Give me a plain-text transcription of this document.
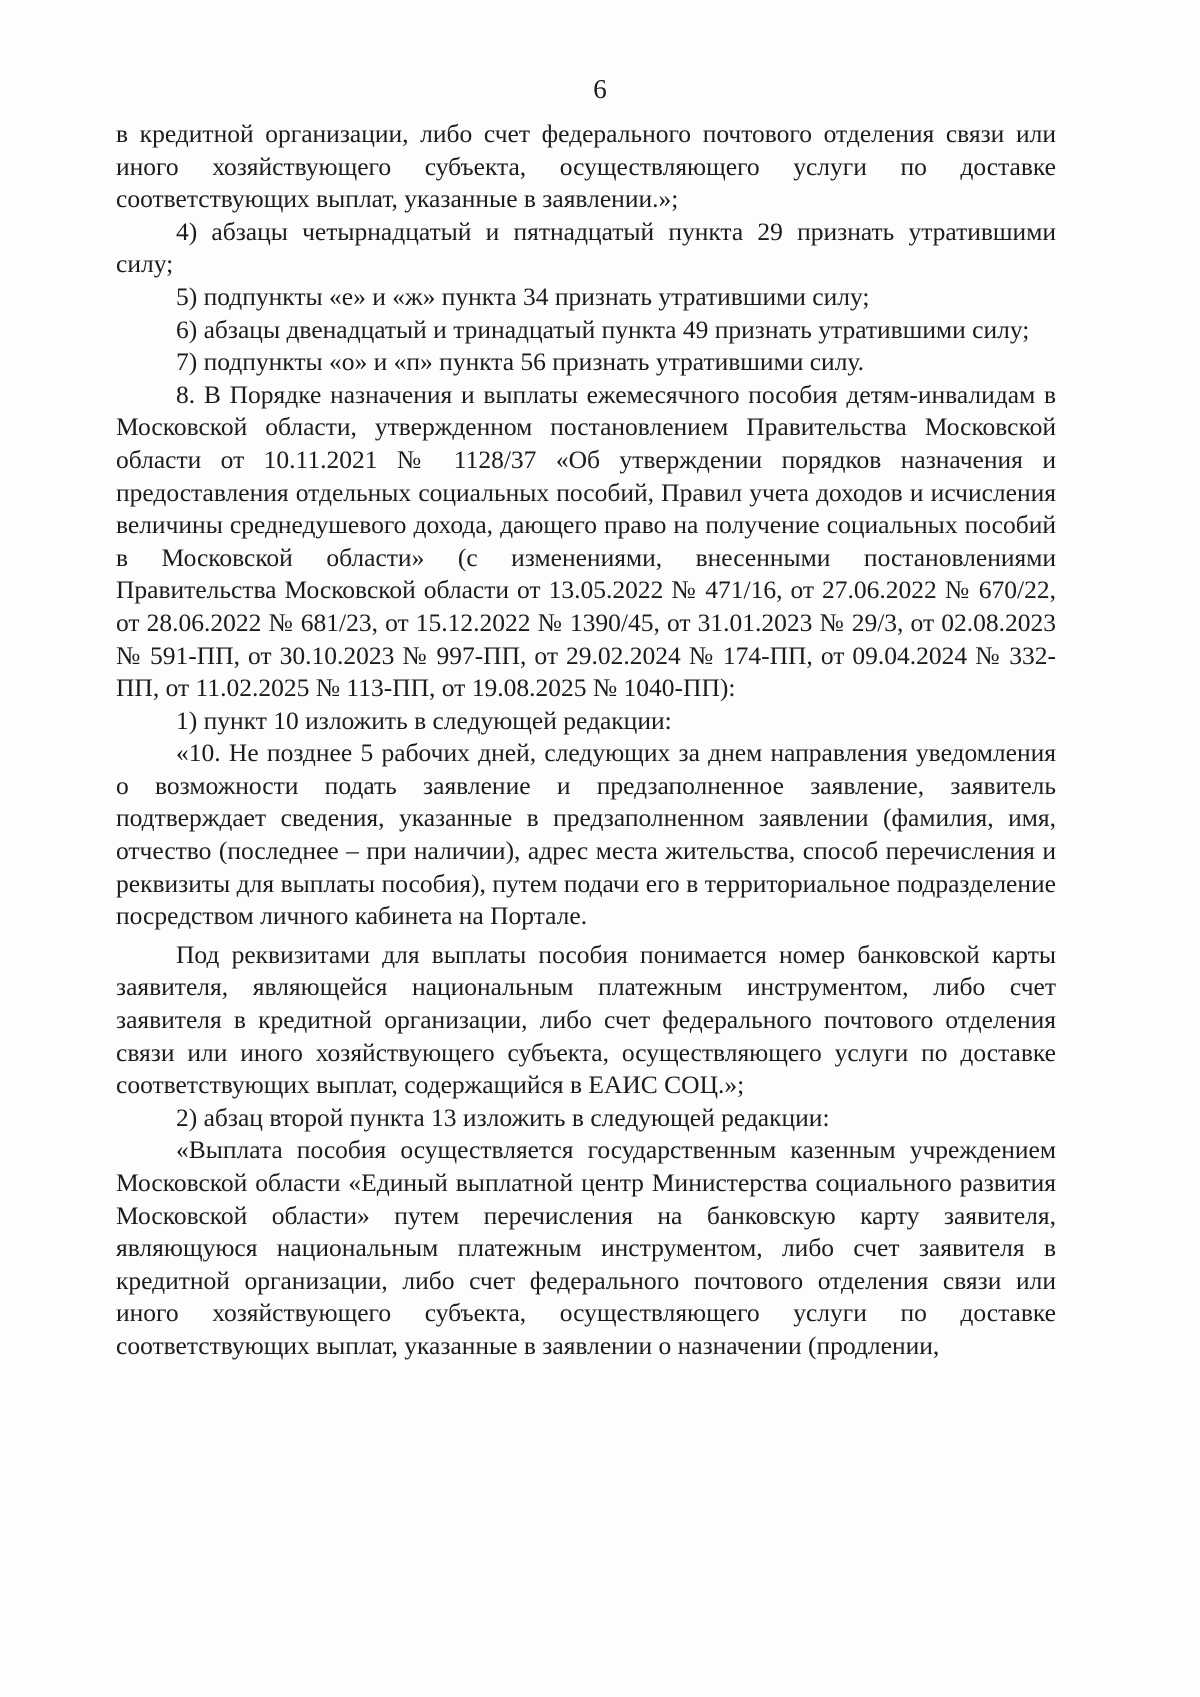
6

в кредитной организации, либо счет федерального почтового отделения связи или иного хозяйствующего субъекта, осуществляющего услуги по доставке соответствующих выплат, указанные в заявлении.»;

4) абзацы четырнадцатый и пятнадцатый пункта 29 признать утратившими силу;

5) подпункты «е» и «ж» пункта 34 признать утратившими силу;

6) абзацы двенадцатый и тринадцатый пункта 49 признать утратившими силу;

7) подпункты «о» и «п» пункта 56 признать утратившими силу.

8. В Порядке назначения и выплаты ежемесячного пособия детям-инвалидам в Московской области, утвержденном постановлением Правительства Московской области от 10.11.2021 № 1128/37 «Об утверждении порядков назначения и предоставления отдельных социальных пособий, Правил учета доходов и исчисления величины среднедушевого дохода, дающего право на получение социальных пособий в Московской области» (с изменениями, внесенными постановлениями Правительства Московской области от 13.05.2022 № 471/16, от 27.06.2022 № 670/22, от 28.06.2022 № 681/23, от 15.12.2022 № 1390/45, от 31.01.2023 № 29/3, от 02.08.2023 № 591-ПП, от 30.10.2023 № 997-ПП, от 29.02.2024 № 174-ПП, от 09.04.2024 № 332-ПП, от 11.02.2025 № 113-ПП, от 19.08.2025 № 1040-ПП):

1) пункт 10 изложить в следующей редакции:

«10. Не позднее 5 рабочих дней, следующих за днем направления уведомления о возможности подать заявление и предзаполненное заявление, заявитель подтверждает сведения, указанные в предзаполненном заявлении (фамилия, имя, отчество (последнее – при наличии), адрес места жительства, способ перечисления и реквизиты для выплаты пособия), путем подачи его в территориальное подразделение посредством личного кабинета на Портале.

Под реквизитами для выплаты пособия понимается номер банковской карты заявителя, являющейся национальным платежным инструментом, либо счет заявителя в кредитной организации, либо счет федерального почтового отделения связи или иного хозяйствующего субъекта, осуществляющего услуги по доставке соответствующих выплат, содержащийся в ЕАИС СОЦ.»;

2) абзац второй пункта 13 изложить в следующей редакции:

«Выплата пособия осуществляется государственным казенным учреждением Московской области «Единый выплатной центр Министерства социального развития Московской области» путем перечисления на банковскую карту заявителя, являющуюся национальным платежным инструментом, либо счет заявителя в кредитной организации, либо счет федерального почтового отделения связи или иного хозяйствующего субъекта, осуществляющего услуги по доставке соответствующих выплат, указанные в заявлении о назначении (продлении,
